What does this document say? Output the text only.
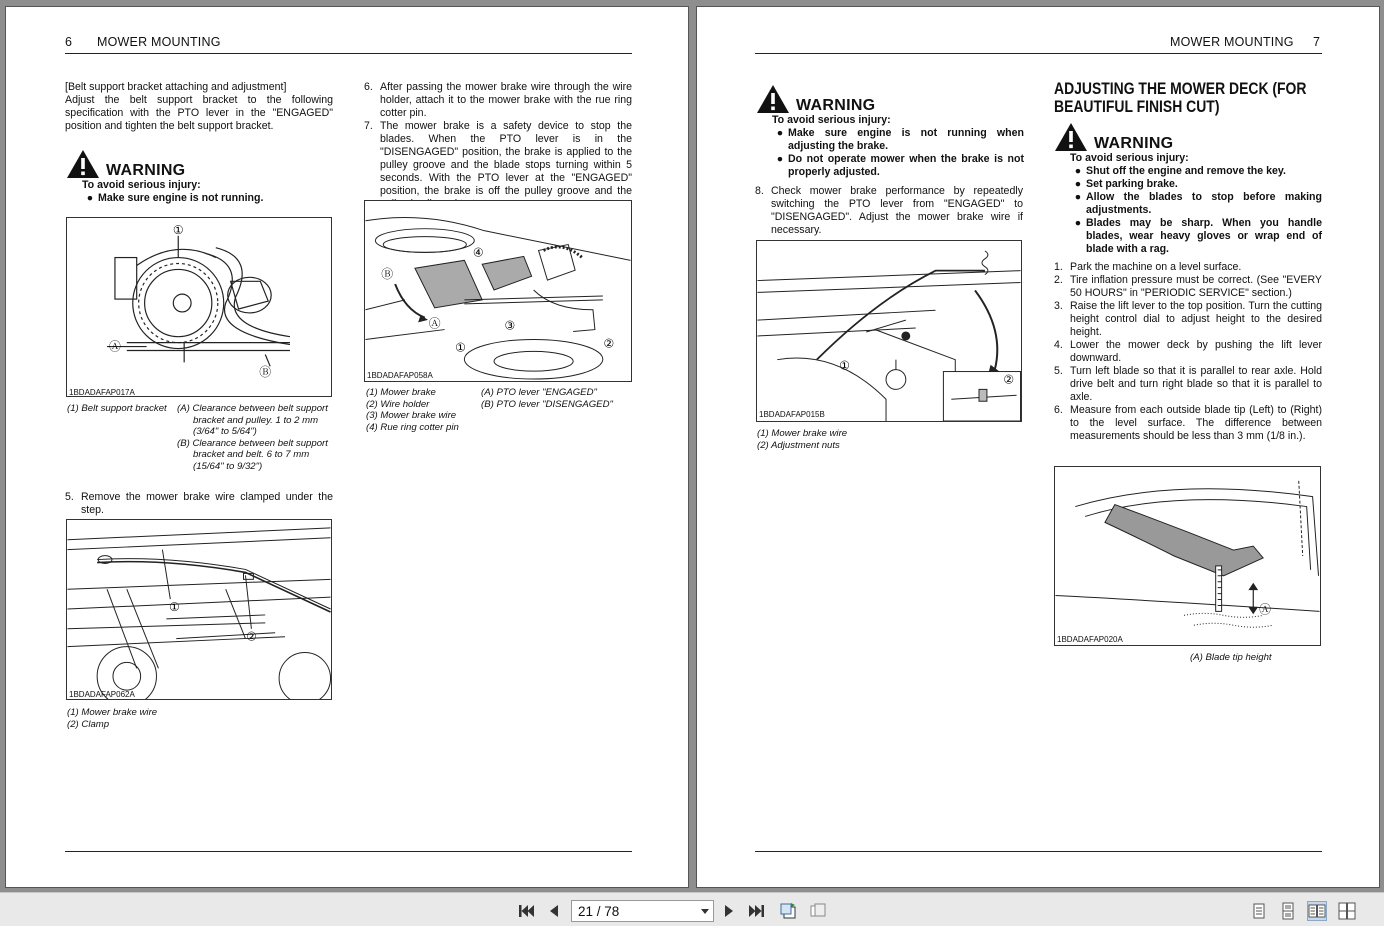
6 MOWER MOUNTING
[Belt support bracket attaching and adjustment]
Adjust the belt support bracket to the following specification with the PTO lever in the "ENGAGED" position and tighten the belt support bracket.
WARNING
To avoid serious injury:
● Make sure engine is not running.
①
Ⓐ
Ⓑ
1BDADAFAP017A
(1) Belt support bracket	(A) Clearance between belt support
bracket and pulley. 1 to 2 mm
(3/64" to 5/64")
(B) Clearance between belt support
bracket and belt. 6 to 7 mm
(15/64" to 9/32")
5. Remove the mower brake wire clamped under the step.
①
②
1BDADAFAP062A
(1) Mower brake wire
(2) Clamp
6. After passing the mower brake wire through the wire holder, attach it to the mower brake with the rue ring cotter pin.
7. The mower brake is a safety device to stop the blades. When the PTO lever is in the "DISENGAGED" position, the brake is applied to the pulley groove and the blade stops turning within 5 seconds. With the PTO lever at the "ENGAGED" position, the brake is off the pulley groove and the
Ⓑ
Ⓐ
④
③
①	②
1BDADAFAP058A
(1) Mower brake
(2) Wire holder
(3) Mower brake wire
(4) Rue ring cotter pin
(A) PTO lever "ENGAGED"
(B) PTO lever "DISENGAGED"
MOWER MOUNTING 7
WARNING
To avoid serious injury:
● Make sure engine is not running when adjusting the brake.
● Do not operate mower when the brake is not properly adjusted.
8. Check mower brake performance by repeatedly switching the PTO lever from "ENGAGED" to "DISENGAGED". Adjust the mower brake wire if necessary.
①
②
1BDADAFAP015B
(1) Mower brake wire
(2) Adjustment nuts
ADJUSTING THE MOWER DECK (FOR BEAUTIFUL FINISH CUT)
WARNING
To avoid serious injury:
● Shut off the engine and remove the key.
● Set parking brake.
● Allow the blades to stop before making adjustments.
● Blades may be sharp. When you handle blades, wear heavy gloves or wrap end of blade with a rag.
1. Park the machine on a level surface.
2. Tire inflation pressure must be correct. (See "EVERY 50 HOURS" in "PERIODIC SERVICE" section.)
3. Raise the lift lever to the top position. Turn the cutting height control dial to adjust height to the desired height.
4. Lower the mower deck by pushing the lift lever downward.
5. Turn left blade so that it is parallel to rear axle. Hold drive belt and turn right blade so that it is parallel to axle.
6. Measure from each outside blade tip (Left) to (Right) to the level surface. The difference between measurements should be less than 3 mm (1/8 in.).
Ⓐ
1BDADAFAP020A
(A) Blade tip height
21 / 78
